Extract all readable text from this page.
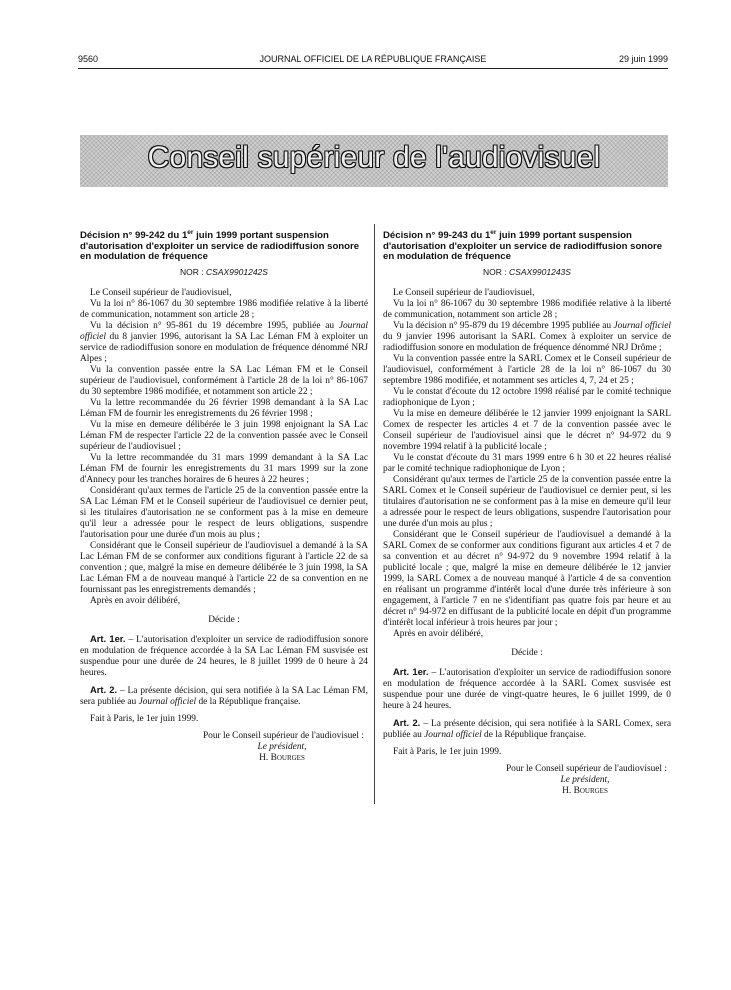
9560	JOURNAL OFFICIEL DE LA RÉPUBLIQUE FRANÇAISE	29 juin 1999
Conseil supérieur de l'audiovisuel

Décision n° 99-242 du 1er juin 1999 portant suspension d'autorisation d'exploiter un service de radiodiffusion sonore en modulation de fréquence

NOR : CSAX9901242S

Le Conseil supérieur de l'audiovisuel,

Vu la loi n° 86-1067 du 30 septembre 1986 modifiée relative à la liberté de communication, notamment son article 28 ;

Vu la décision n° 95-861 du 19 décembre 1995, publiée au Journal officiel du 8 janvier 1996, autorisant la SA Lac Léman FM à exploiter un service de radiodiffusion sonore en modulation de fréquence dénommé NRJ Alpes ;

Vu la convention passée entre la SA Lac Léman FM et le Conseil supérieur de l'audiovisuel, conformément à l'article 28 de la loi n° 86-1067 du 30 septembre 1986 modifiée, et notamment son article 22 ;

Vu la lettre recommandée du 26 février 1998 demandant à la SA Lac Léman FM de fournir les enregistrements du 26 février 1998 ;

Vu la mise en demeure délibérée le 3 juin 1998 enjoignant la SA Lac Léman FM de respecter l'article 22 de la convention passée avec le Conseil supérieur de l'audiovisuel ;

Vu la lettre recommandée du 31 mars 1999 demandant à la SA Lac Léman FM de fournir les enregistrements du 31 mars 1999 sur la zone d'Annecy pour les tranches horaires de 6 heures à 22 heures ;

Considérant qu'aux termes de l'article 25 de la convention passée entre la SA Lac Léman FM et le Conseil supérieur de l'audiovisuel ce dernier peut, si les titulaires d'autorisation ne se conforment pas à la mise en demeure qu'il leur a adressée pour le respect de leurs obligations, suspendre l'autorisation pour une durée d'un mois au plus ;

Considérant que le Conseil supérieur de l'audiovisuel a demandé à la SA Lac Léman FM de se conformer aux conditions figurant à l'article 22 de sa convention ; que, malgré la mise en demeure délibérée le 3 juin 1998, la SA Lac Léman FM a de nouveau manqué à l'article 22 de sa convention en ne fournissant pas les enregistrements demandés ;

Après en avoir délibéré,

Décide :

Art. 1er. – L'autorisation d'exploiter un service de radiodiffusion sonore en modulation de fréquence accordée à la SA Lac Léman FM susvisée est suspendue pour une durée de 24 heures, le 8 juillet 1999 de 0 heure à 24 heures.

Art. 2. – La présente décision, qui sera notifiée à la SA Lac Léman FM, sera publiée au Journal officiel de la République française.

Fait à Paris, le 1er juin 1999.

Pour le Conseil supérieur de l'audiovisuel :
Le président,
H. Bourges

Décision n° 99-243 du 1er juin 1999 portant suspension d'autorisation d'exploiter un service de radiodiffusion sonore en modulation de fréquence

NOR : CSAX9901243S

Le Conseil supérieur de l'audiovisuel,

Vu la loi n° 86-1067 du 30 septembre 1986 modifiée relative à la liberté de communication, notamment son article 28 ;

Vu la décision n° 95-879 du 19 décembre 1995 publiée au Journal officiel du 9 janvier 1996 autorisant la SARL Comex à exploiter un service de radiodiffusion sonore en modulation de fréquence dénommé NRJ Drôme ;

Vu la convention passée entre la SARL Comex et le Conseil supérieur de l'audiovisuel, conformément à l'article 28 de la loi n° 86-1067 du 30 septembre 1986 modifiée, et notamment ses articles 4, 7, 24 et 25 ;

Vu le constat d'écoute du 12 octobre 1998 réalisé par le comité technique radiophonique de Lyon ;

Vu la mise en demeure délibérée le 12 janvier 1999 enjoignant la SARL Comex de respecter les articles 4 et 7 de la convention passée avec le Conseil supérieur de l'audiovisuel ainsi que le décret n° 94-972 du 9 novembre 1994 relatif à la publicité locale ;

Vu le constat d'écoute du 31 mars 1999 entre 6 h 30 et 22 heures réalisé par le comité technique radiophonique de Lyon ;

Considérant qu'aux termes de l'article 25 de la convention passée entre la SARL Comex et le Conseil supérieur de l'audiovisuel ce dernier peut, si les titulaires d'autorisation ne se conforment pas à la mise en demeure qu'il leur a adressée pour le respect de leurs obligations, suspendre l'autorisation pour une durée d'un mois au plus ;

Considérant que le Conseil supérieur de l'audiovisuel a demandé à la SARL Comex de se conformer aux conditions figurant aux articles 4 et 7 de sa convention et au décret n° 94-972 du 9 novembre 1994 relatif à la publicité locale ; que, malgré la mise en demeure délibérée le 12 janvier 1999, la SARL Comex a de nouveau manqué à l'article 4 de sa convention en réalisant un programme d'intérêt local d'une durée très inférieure à son engagement, à l'article 7 en ne s'identifiant pas quatre fois par heure et au décret n° 94-972 en diffusant de la publicité locale en dépit d'un programme d'intérêt local inférieur à trois heures par jour ;

Après en avoir délibéré,

Décide :

Art. 1er. – L'autorisation d'exploiter un service de radiodiffusion sonore en modulation de fréquence accordée à la SARL Comex susvisée est suspendue pour une durée de vingt-quatre heures, le 6 juillet 1999, de 0 heure à 24 heures.

Art. 2. – La présente décision, qui sera notifiée à la SARL Comex, sera publiée au Journal officiel de la République française.

Fait à Paris, le 1er juin 1999.

Pour le Conseil supérieur de l'audiovisuel :
Le président,
H. Bourges
